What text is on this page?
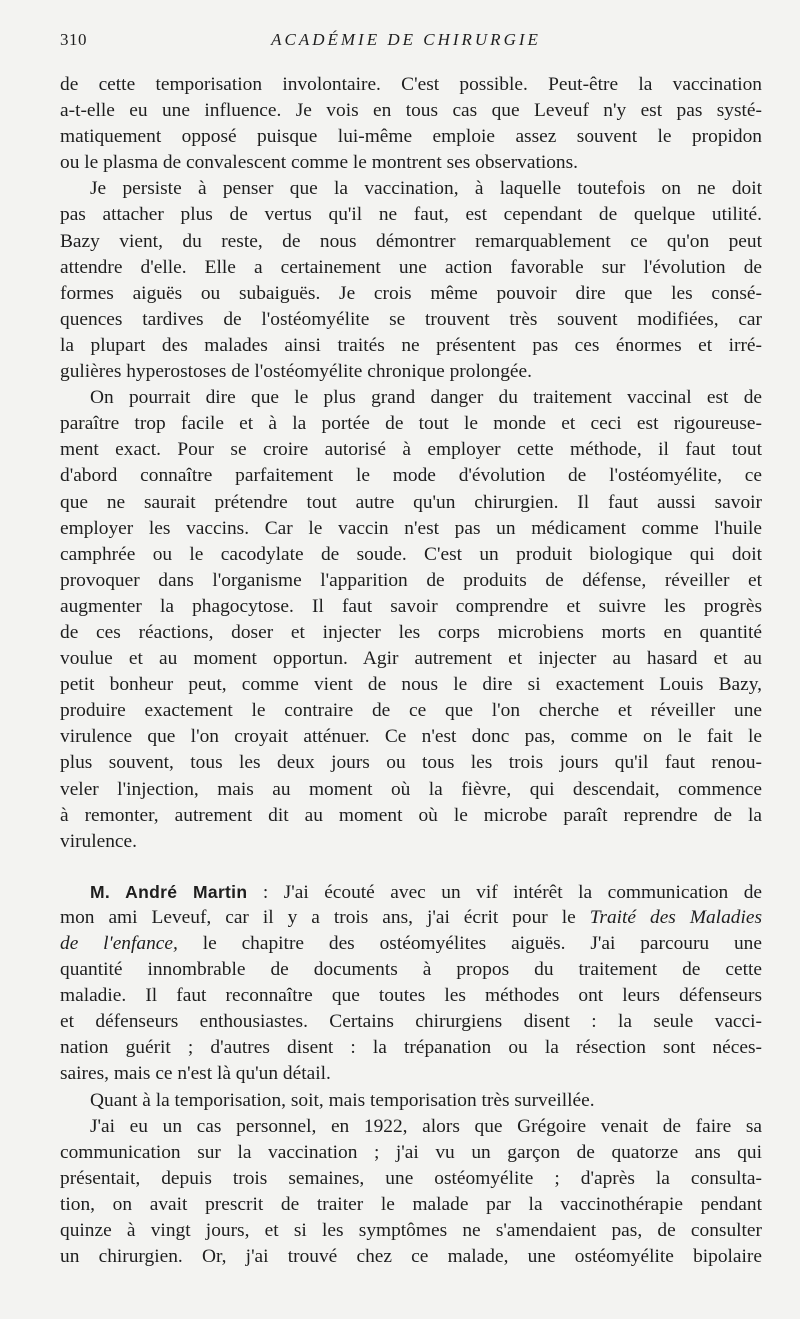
310	ACADÉMIE DE CHIRURGIE
de cette temporisation involontaire. C'est possible. Peut-être la vaccination
a-t-elle eu une influence. Je vois en tous cas que Leveuf n'y est pas systé-
matiquement opposé puisque lui-même emploie assez souvent le propidon
ou le plasma de convalescent comme le montrent ses observations.
Je persiste à penser que la vaccination, à laquelle toutefois on ne doit
pas attacher plus de vertus qu'il ne faut, est cependant de quelque utilité.
Bazy vient, du reste, de nous démontrer remarquablement ce qu'on peut
attendre d'elle. Elle a certainement une action favorable sur l'évolution de
formes aiguës ou subaiguës. Je crois même pouvoir dire que les consé-
quences tardives de l'ostéomyélite se trouvent très souvent modifiées, car
la plupart des malades ainsi traités ne présentent pas ces énormes et irré-
gulières hyperostoses de l'ostéomyélite chronique prolongée.
On pourrait dire que le plus grand danger du traitement vaccinal est de
paraître trop facile et à la portée de tout le monde et ceci est rigoureuse-
ment exact. Pour se croire autorisé à employer cette méthode, il faut tout
d'abord connaître parfaitement le mode d'évolution de l'ostéomyélite, ce
que ne saurait prétendre tout autre qu'un chirurgien. Il faut aussi savoir
employer les vaccins. Car le vaccin n'est pas un médicament comme l'huile
camphrée ou le cacodylate de soude. C'est un produit biologique qui doit
provoquer dans l'organisme l'apparition de produits de défense, réveiller et
augmenter la phagocytose. Il faut savoir comprendre et suivre les progrès
de ces réactions, doser et injecter les corps microbiens morts en quantité
voulue et au moment opportun. Agir autrement et injecter au hasard et au
petit bonheur peut, comme vient de nous le dire si exactement Louis Bazy,
produire exactement le contraire de ce que l'on cherche et réveiller une
virulence que l'on croyait atténuer. Ce n'est donc pas, comme on le fait le
plus souvent, tous les deux jours ou tous les trois jours qu'il faut renou-
veler l'injection, mais au moment où la fièvre, qui descendait, commence
à remonter, autrement dit au moment où le microbe paraît reprendre de la
virulence.
M. André Martin : J'ai écouté avec un vif intérêt la communication de
mon ami Leveuf, car il y a trois ans, j'ai écrit pour le Traité des Maladies
de l'enfance, le chapitre des ostéomyélites aiguës. J'ai parcouru une
quantité innombrable de documents à propos du traitement de cette
maladie. Il faut reconnaître que toutes les méthodes ont leurs défenseurs
et défenseurs enthousiastes. Certains chirurgiens disent : la seule vacci-
nation guérit ; d'autres disent : la trépanation ou la résection sont néces-
saires, mais ce n'est là qu'un détail.
Quant à la temporisation, soit, mais temporisation très surveillée.
J'ai eu un cas personnel, en 1922, alors que Grégoire venait de faire sa
communication sur la vaccination ; j'ai vu un garçon de quatorze ans qui
présentait, depuis trois semaines, une ostéomyélite ; d'après la consulta-
tion, on avait prescrit de traiter le malade par la vaccinothérapie pendant
quinze à vingt jours, et si les symptômes ne s'amendaient pas, de consulter
un chirurgien. Or, j'ai trouvé chez ce malade, une ostéomyélite bipolaire
